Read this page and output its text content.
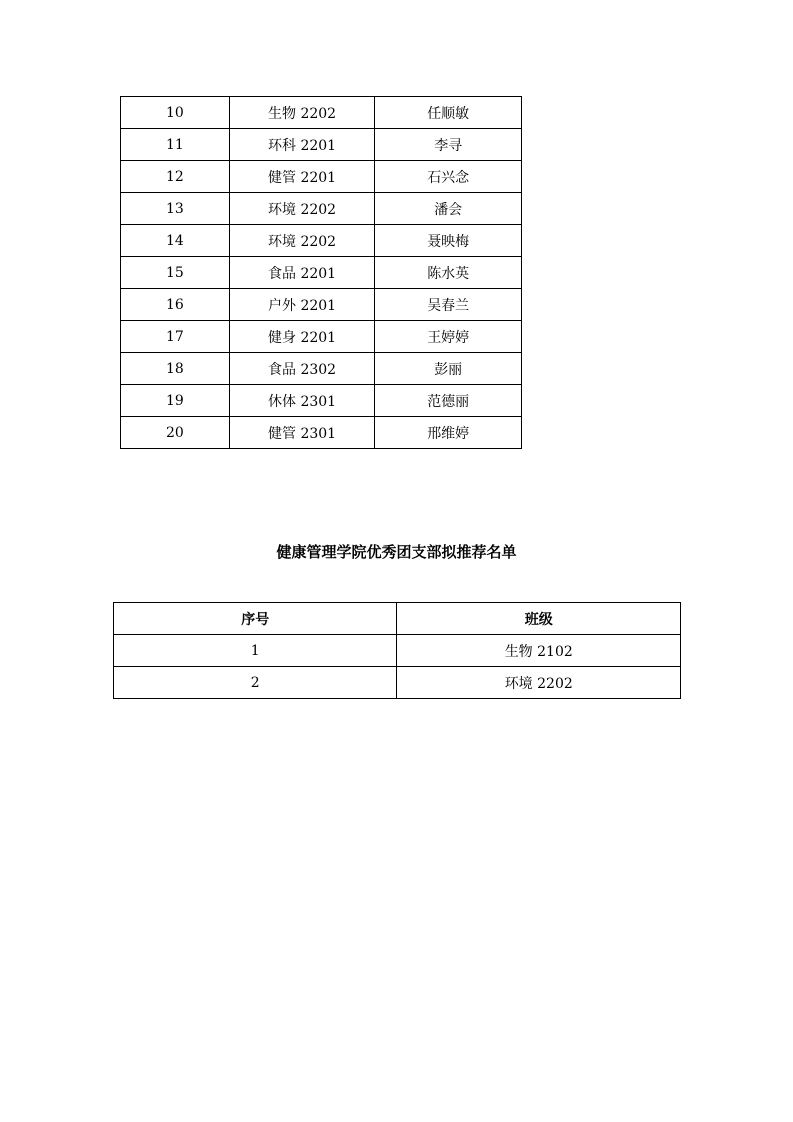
10	生物 2202	任顺敏
11	环科 2201	李寻
12	健管 2201	石兴念
13	环境 2202	潘会
14	环境 2202	聂映梅
15	食品 2201	陈水英
16	户外 2201	吴春兰
17	健身 2201	王婷婷
18	食品 2302	彭丽
19	休体 2301	范德丽
20	健管 2301	邢维婷
健康管理学院优秀团支部拟推荐名单
序号	班级
1	生物 2102
2	环境 2202
